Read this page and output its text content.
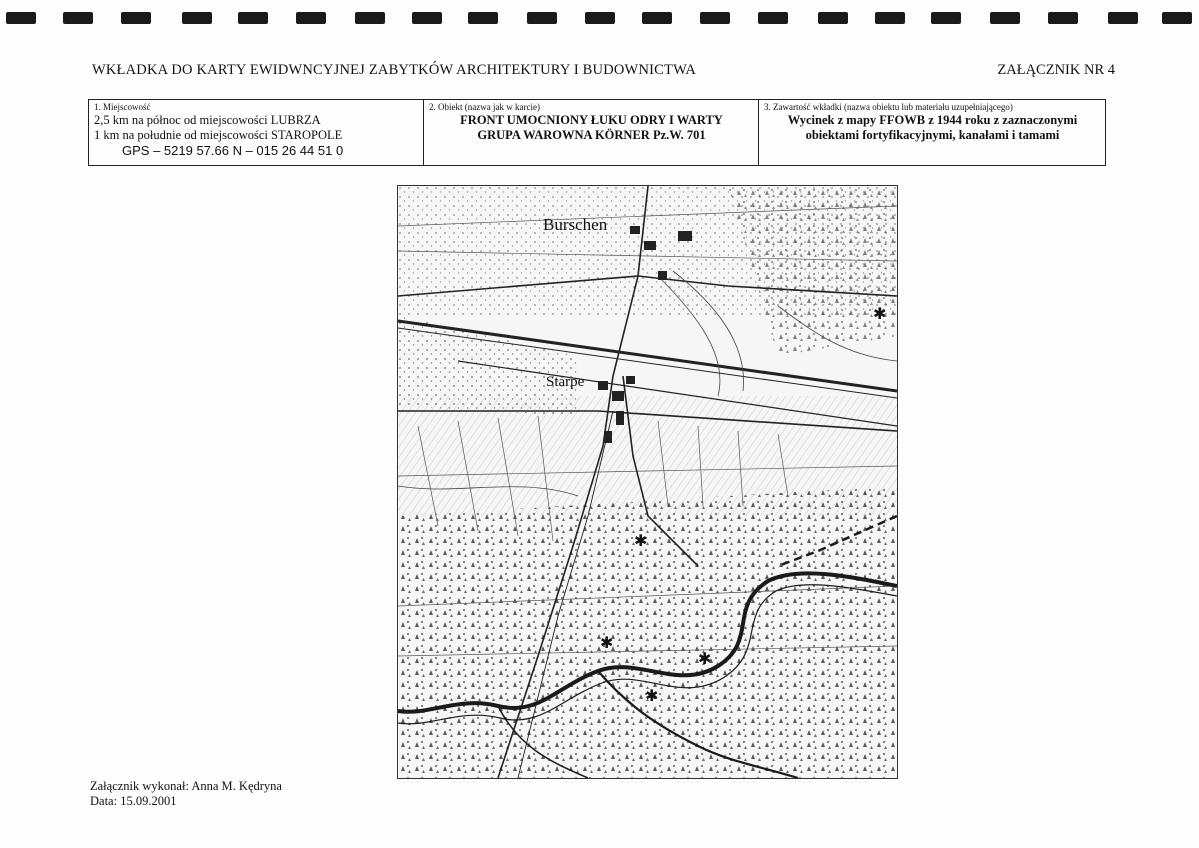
WKŁADKA DO KARTY EWIDWNCYJNEJ ZABYTKÓW ARCHITEKTURY I BUDOWNICTWA	ZAŁĄCZNIK NR 4
1. Miejscowość
2,5 km na północ od miejscowości LUBRZA
1 km na południe od miejscowości STAROPOLE
GPS – 5219 57.66 N – 015 26 44 51 0

2. Obiekt (nazwa jak w karcie)
FRONT UMOCNIONY ŁUKU ODRY I WARTY
GRUPA WAROWNA KÖRNER Pz.W. 701

3. Zawartość wkładki (nazwa obiektu lub materiału uzupełniającego)
Wycinek z mapy FFOWB z 1944 roku z zaznaczonymi
obiektami fortyfikacyjnymi, kanałami i tamami
✱
✱
✱
✱
✱
Burschen
Starpe
Załącznik wykonał: Anna M. Kędryna
Data: 15.09.2001
